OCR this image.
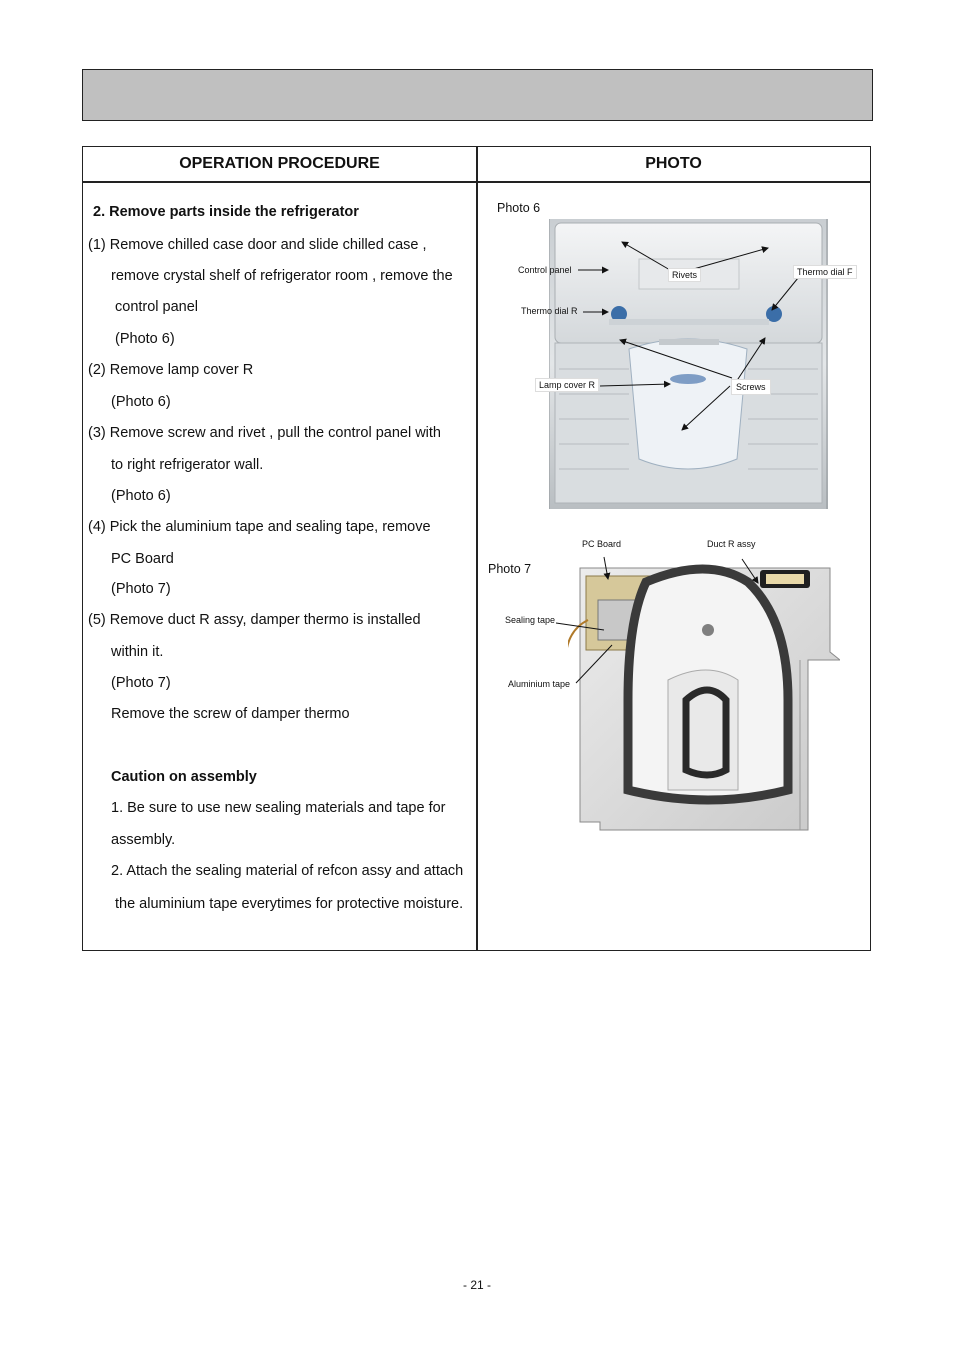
OPERATION PROCEDURE	PHOTO
2. Remove parts inside the refrigerator
(1) Remove chilled case door and slide chilled case ,
remove crystal shelf of refrigerator room , remove the
control panel
(Photo 6)
(2) Remove lamp cover R
(Photo 6)
(3) Remove screw and rivet , pull the control panel with
to right refrigerator wall.
(Photo 6)
(4) Pick the aluminium tape and sealing tape, remove
PC Board
(Photo 7)
(5) Remove duct R assy, damper thermo is installed
within it.
(Photo 7)
Remove the screw of damper thermo
Caution on assembly
1. Be sure to use new sealing materials and tape for
assembly.
2. Attach the sealing material of refcon assy and attach
the aluminium tape everytimes for protective moisture.
Photo 6
Control panel	Rivets	Thermo dial F
Thermo dial R
Lamp cover R	Screws
Photo 7
PC Board	Duct R assy
Sealing tape
Aluminium tape
- 21 -
